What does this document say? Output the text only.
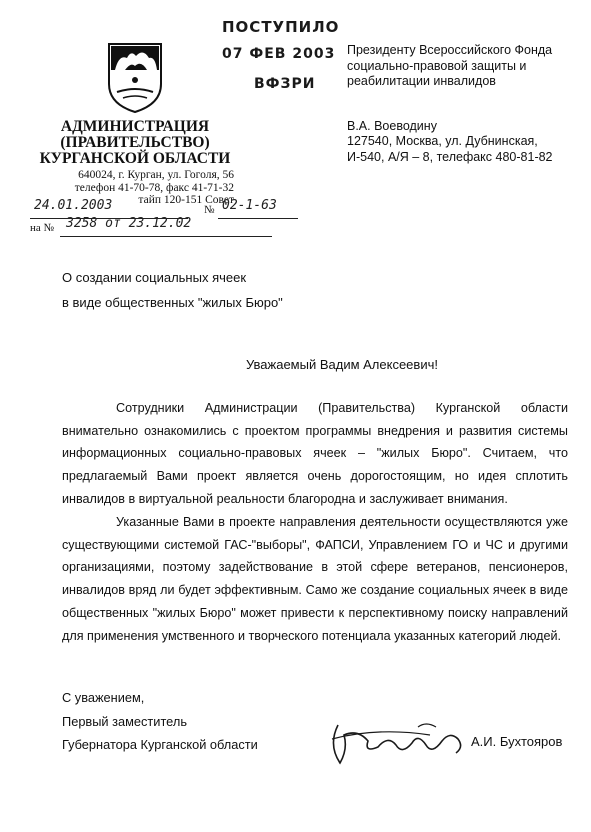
ПОСТУПИЛО
07 ФЕВ 2003
ВФЗРИ
АДМИНИСТРАЦИЯ
(ПРАВИТЕЛЬСТВО)
КУРГАНСКОЙ ОБЛАСТИ
640024, г. Курган, ул. Гоголя, 56
телефон 41-70-78, факс 41-71-32
тайп 120-151 Совет
24.01.2003	№ 02-1-63
на № 3258 от 23.12.02
Президенту Всероссийского Фонда
социально-правовой защиты и
реабилитации инвалидов
В.А. Воеводину
127540, Москва, ул. Дубнинская,
И-540, А/Я – 8, телефакс 480-81-82
О создании социальных ячеек
в виде общественных "жилых Бюро"
Уважаемый Вадим Алексеевич!

Сотрудники Администрации (Правительства) Курганской области внимательно ознакомились с проектом программы внедрения и развития системы информационных социально-правовых ячеек – "жилых Бюро". Считаем, что предлагаемый Вами проект является очень дорогостоящим, но идея сплотить инвалидов в виртуальной реальности благородна и заслуживает внимания.

Указанные Вами в проекте направления деятельности осуществляются уже существующими системой ГАС-"выборы", ФАПСИ, Управлением ГО и ЧС и другими организациями, поэтому задействование в этой сфере ветеранов, пенсионеров, инвалидов вряд ли будет эффективным. Само же создание социальных ячеек в виде общественных "жилых Бюро" может привести к перспективному поиску направлений для применения умственного и творческого потенциала указанных категорий людей.

С уважением,
Первый заместитель
Губернатора Курганской области	А.И. Бухтояров
